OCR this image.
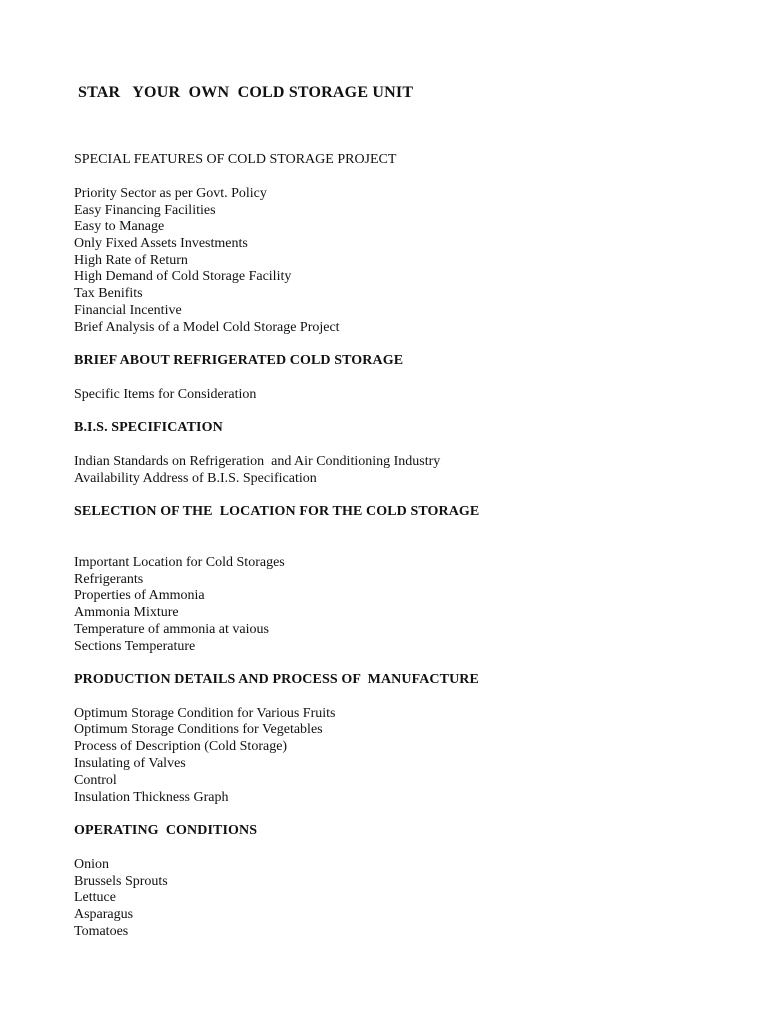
STAR   YOUR  OWN  COLD STORAGE UNIT
SPECIAL FEATURES OF COLD STORAGE PROJECT
Priority Sector as per Govt. Policy
Easy Financing Facilities
Easy to Manage
Only Fixed Assets Investments
High Rate of Return
High Demand of Cold Storage Facility
Tax Benifits
Financial Incentive
Brief Analysis of a Model Cold Storage Project
BRIEF ABOUT REFRIGERATED COLD STORAGE
Specific Items for Consideration
B.I.S. SPECIFICATION
Indian Standards on Refrigeration  and Air Conditioning Industry
Availability Address of B.I.S. Specification
SELECTION OF THE  LOCATION FOR THE COLD STORAGE
Important Location for Cold Storages
Refrigerants
Properties of Ammonia
Ammonia Mixture
Temperature of ammonia at vaious
Sections Temperature
PRODUCTION DETAILS AND PROCESS OF  MANUFACTURE
Optimum Storage Condition for Various Fruits
Optimum Storage Conditions for Vegetables
Process of Description (Cold Storage)
Insulating of Valves
Control
Insulation Thickness Graph
OPERATING  CONDITIONS
Onion
Brussels Sprouts
Lettuce
Asparagus
Tomatoes
